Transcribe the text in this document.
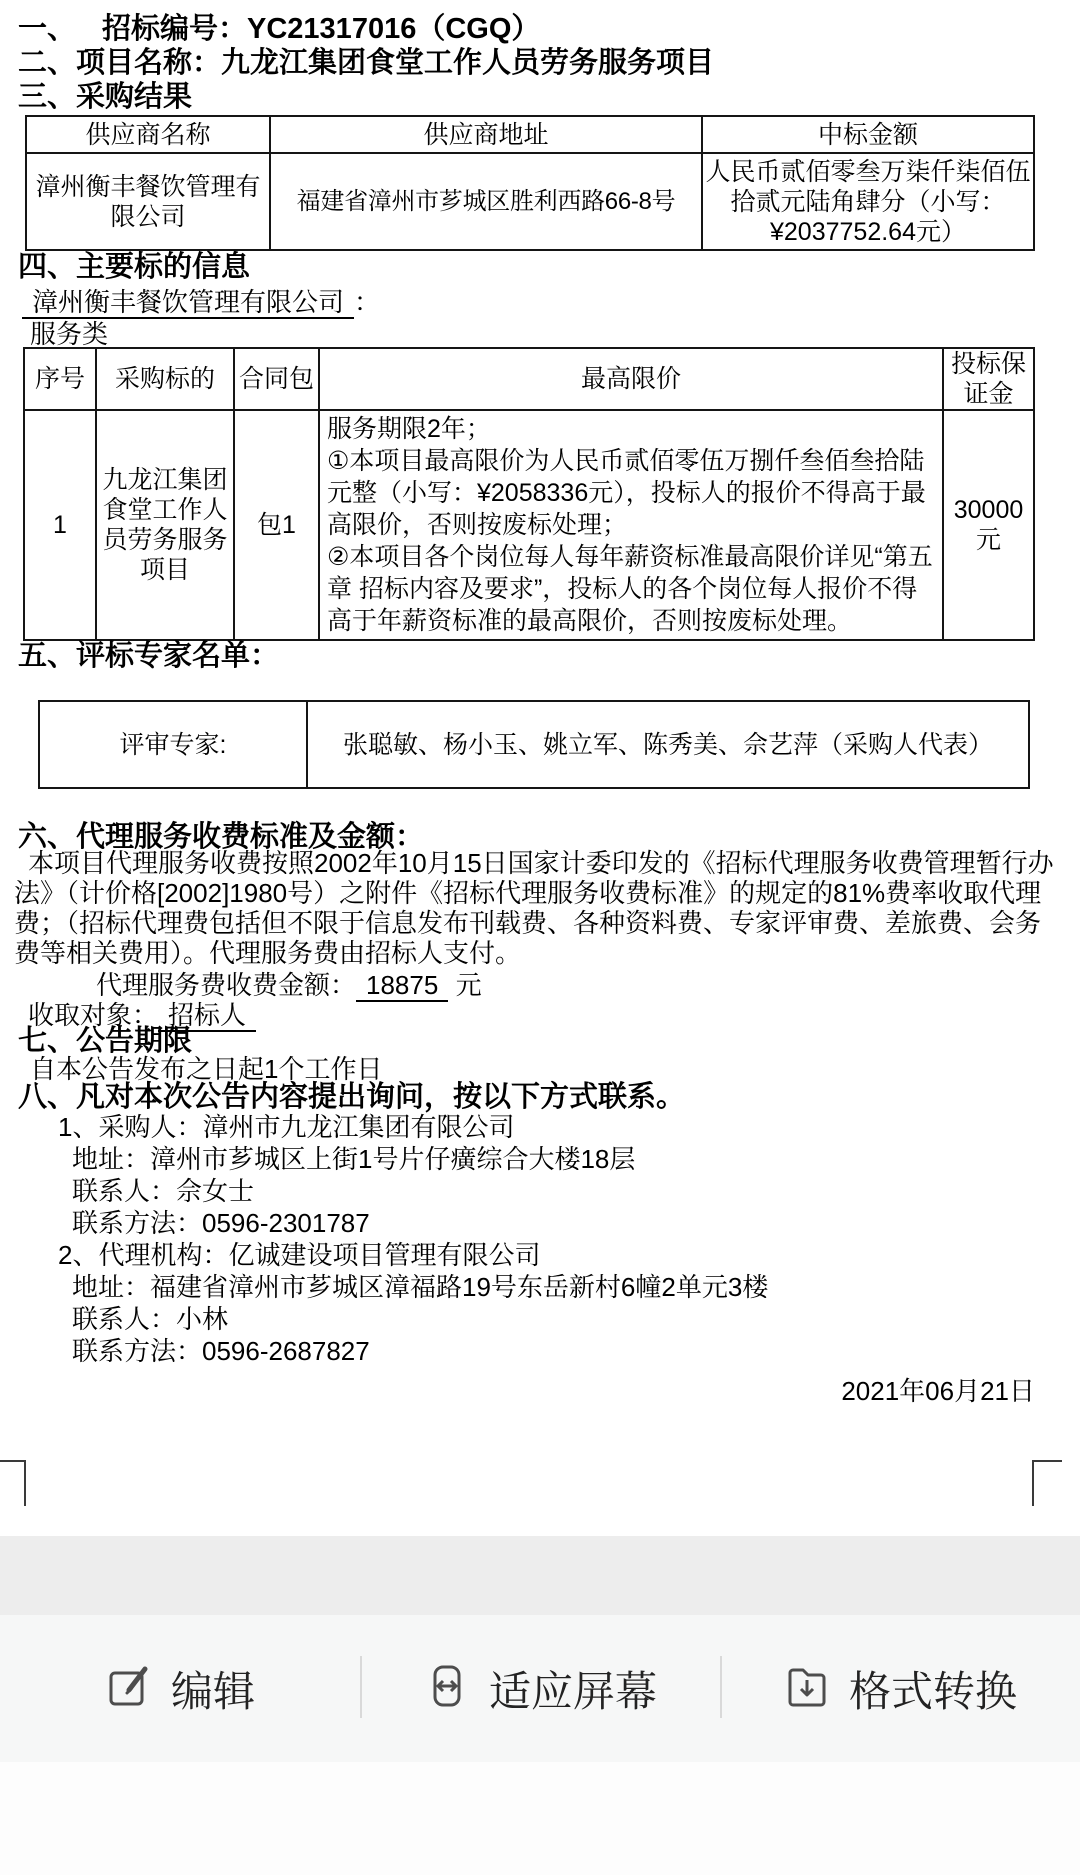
一、 招标编号：YC21317016（CGQ）
二、项目名称：九龙江集团食堂工作人员劳务服务项目
三、采购结果
供应商名称	供应商地址	中标金额
漳州衡丰餐饮管理有限公司	福建省漳州市芗城区胜利西路66-8号	人民币贰佰零叁万柒仟柒佰伍拾贰元陆角肆分（小写：¥2037752.64元）
四、主要标的信息
漳州衡丰餐饮管理有限公司 ：
服务类
序号	采购标的	合同包	最高限价	投标保证金
1	九龙江集团食堂工作人员劳务服务项目	包1	服务期限2年；
①本项目最高限价为人民币贰佰零伍万捌仟叁佰叁拾陆元整（小写：¥2058336元），投标人的报价不得高于最高限价，否则按废标处理；
②本项目各个岗位每人每年薪资标准最高限价详见“第五章 招标内容及要求”，投标人的各个岗位每人报价不得高于年薪资标准的最高限价，否则按废标处理。	30000元
五、评标专家名单：
评审专家:	张聪敏、杨小玉、姚立军、陈秀美、佘艺萍（采购人代表）
六、代理服务收费标准及金额：
本项目代理服务收费按照2002年10月15日国家计委印发的《招标代理服务收费管理暂行办法》（计价格[2002]1980号）之附件《招标代理服务收费标准》的规定的81%费率收取代理费；（招标代理费包括但不限于信息发布刊载费、各种资料费、专家评审费、差旅费、会务费等相关费用）。代理服务费由招标人支付。
代理服务费收费金额： 18875 元
收取对象： 招标人
七、公告期限
自本公告发布之日起1个工作日
八、凡对本次公告内容提出询问，按以下方式联系。
1、采购人：漳州市九龙江集团有限公司
地址：漳州市芗城区上街1号片仔癀综合大楼18层
联系人：佘女士
联系方法：0596-2301787
2、代理机构：亿诚建设项目管理有限公司
地址：福建省漳州市芗城区漳福路19号东岳新村6幢2单元3楼
联系人：小林
联系方法：0596-2687827
2021年06月21日
编辑	适应屏幕	格式转换
